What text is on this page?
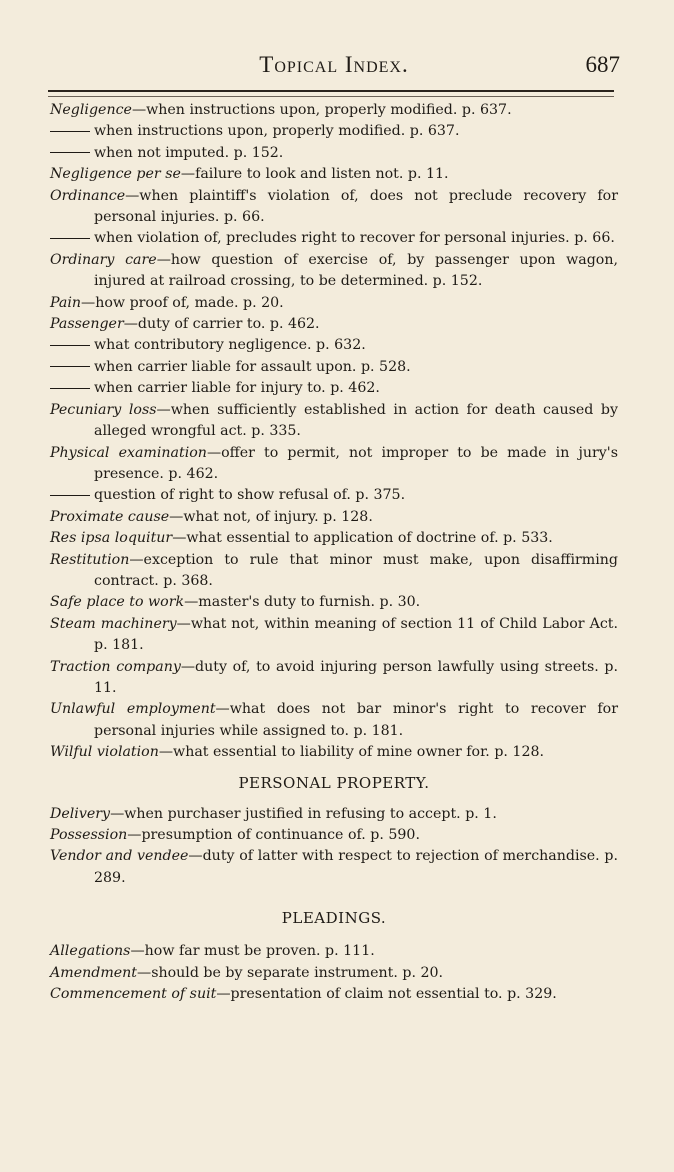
Topical Index.	687
Negligence—when instructions upon, properly modified. p. 637.
when instructions upon, properly modified. p. 637.
when not imputed. p. 152.
Negligence per se—failure to look and listen not. p. 11.
Ordinance—when plaintiff's violation of, does not preclude recovery for personal injuries. p. 66.
when violation of, precludes right to recover for personal injuries. p. 66.
Ordinary care—how question of exercise of, by passenger upon wagon, injured at railroad crossing, to be determined. p. 152.
Pain—how proof of, made. p. 20.
Passenger—duty of carrier to. p. 462.
what contributory negligence. p. 632.
when carrier liable for assault upon. p. 528.
when carrier liable for injury to. p. 462.
Pecuniary loss—when sufficiently established in action for death caused by alleged wrongful act. p. 335.
Physical examination—offer to permit, not improper to be made in jury's presence. p. 462.
question of right to show refusal of. p. 375.
Proximate cause—what not, of injury. p. 128.
Res ipsa loquitur—what essential to application of doctrine of. p. 533.
Restitution—exception to rule that minor must make, upon disaffirming contract. p. 368.
Safe place to work—master's duty to furnish. p. 30.
Steam machinery—what not, within meaning of section 11 of Child Labor Act. p. 181.
Traction company—duty of, to avoid injuring person lawfully using streets. p. 11.
Unlawful employment—what does not bar minor's right to recover for personal injuries while assigned to. p. 181.
Wilful violation—what essential to liability of mine owner for. p. 128.
PERSONAL PROPERTY.
Delivery—when purchaser justified in refusing to accept. p. 1.
Possession—presumption of continuance of. p. 590.
Vendor and vendee—duty of latter with respect to rejection of merchandise. p. 289.
PLEADINGS.
Allegations—how far must be proven. p. 111.
Amendment—should be by separate instrument. p. 20.
Commencement of suit—presentation of claim not essential to. p. 329.
